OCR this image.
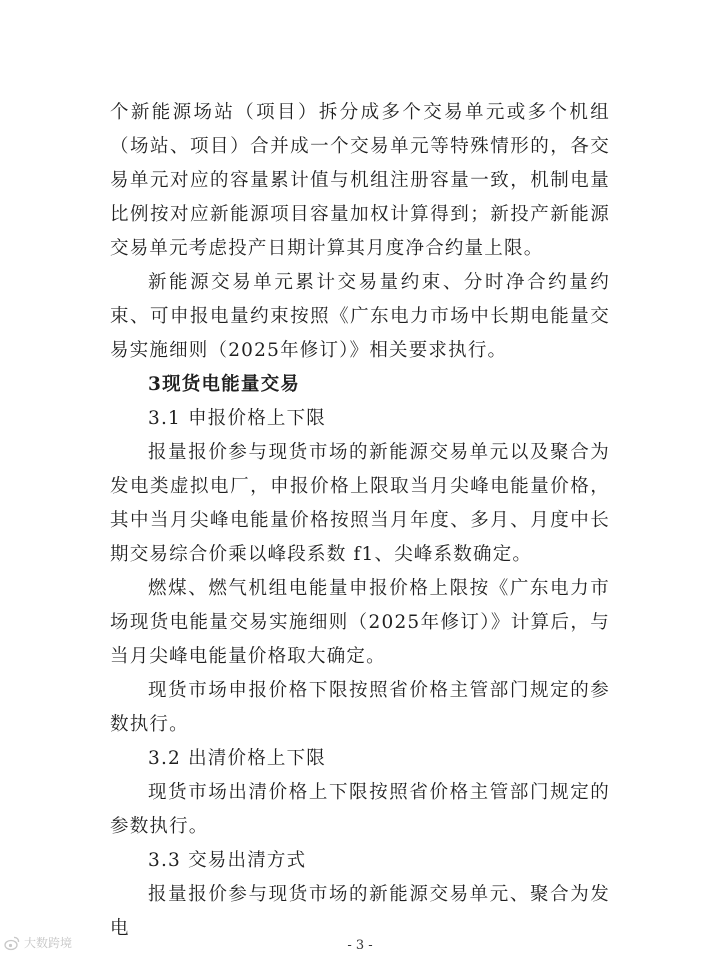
个新能源场站（项目）拆分成多个交易单元或多个机组（场站、项目）合并成一个交易单元等特殊情形的，各交易单元对应的容量累计值与机组注册容量一致，机制电量比例按对应新能源项目容量加权计算得到；新投产新能源交易单元考虑投产日期计算其月度净合约量上限。

新能源交易单元累计交易量约束、分时净合约量约束、可申报电量约束按照《广东电力市场中长期电能量交易实施细则（2025年修订）》相关要求执行。

3现货电能量交易

3.1 申报价格上下限

报量报价参与现货市场的新能源交易单元以及聚合为发电类虚拟电厂，申报价格上限取当月尖峰电能量价格，其中当月尖峰电能量价格按照当月年度、多月、月度中长期交易综合价乘以峰段系数 f1、尖峰系数确定。

燃煤、燃气机组电能量申报价格上限按《广东电力市场现货电能量交易实施细则（2025年修订）》计算后，与当月尖峰电能量价格取大确定。

现货市场申报价格下限按照省价格主管部门规定的参数执行。

3.2 出清价格上下限

现货市场出清价格上下限按照省价格主管部门规定的参数执行。

3.3 交易出清方式

报量报价参与现货市场的新能源交易单元、聚合为发电

- 3 -
大数跨境
